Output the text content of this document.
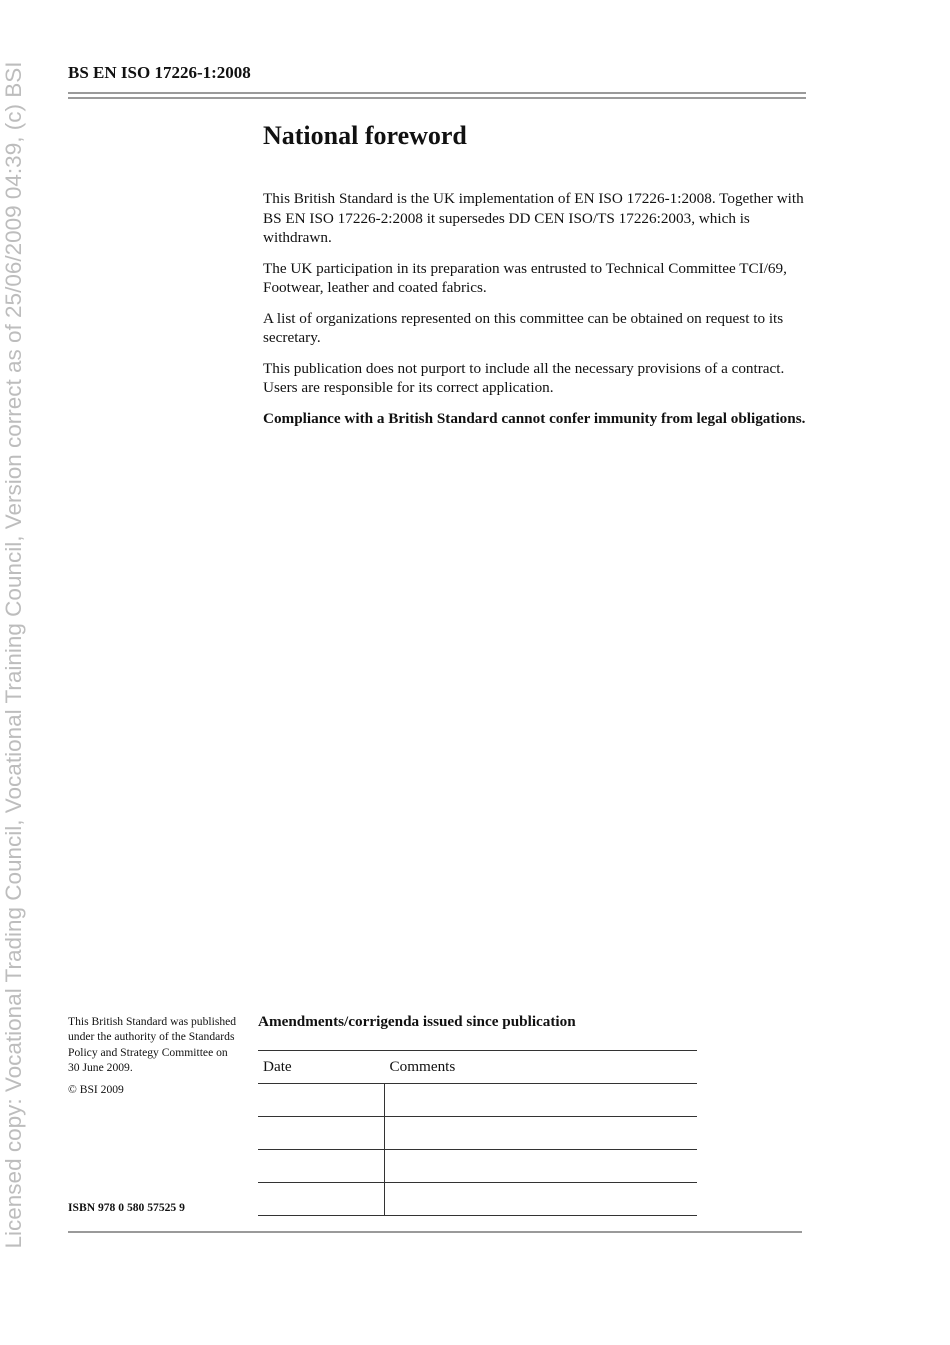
Licensed copy: Vocational Trading Council, Vocational Training Council, Version correct as of 25/06/2009 04:39, (c) BSI BS EN ISO 17226-1:2008
National foreword

This British Standard is the UK implementation of EN ISO 17226-1:2008. Together with BS EN ISO 17226-2:2008 it supersedes DD CEN ISO/TS 17226:2003, which is withdrawn.

The UK participation in its preparation was entrusted to Technical Committee TCI/69, Footwear, leather and coated fabrics.

A list of organizations represented on this committee can be obtained on request to its secretary.

This publication does not purport to include all the necessary provisions of a contract. Users are responsible for its correct application.

Compliance with a British Standard cannot confer immunity from legal obligations.

This British Standard was published under the authority of the Standards Policy and Strategy Committee on 30 June 2009.

© BSI 2009

ISBN 978 0 580 57525 9
Amendments/corrigenda issued since publication
Date	Comments
